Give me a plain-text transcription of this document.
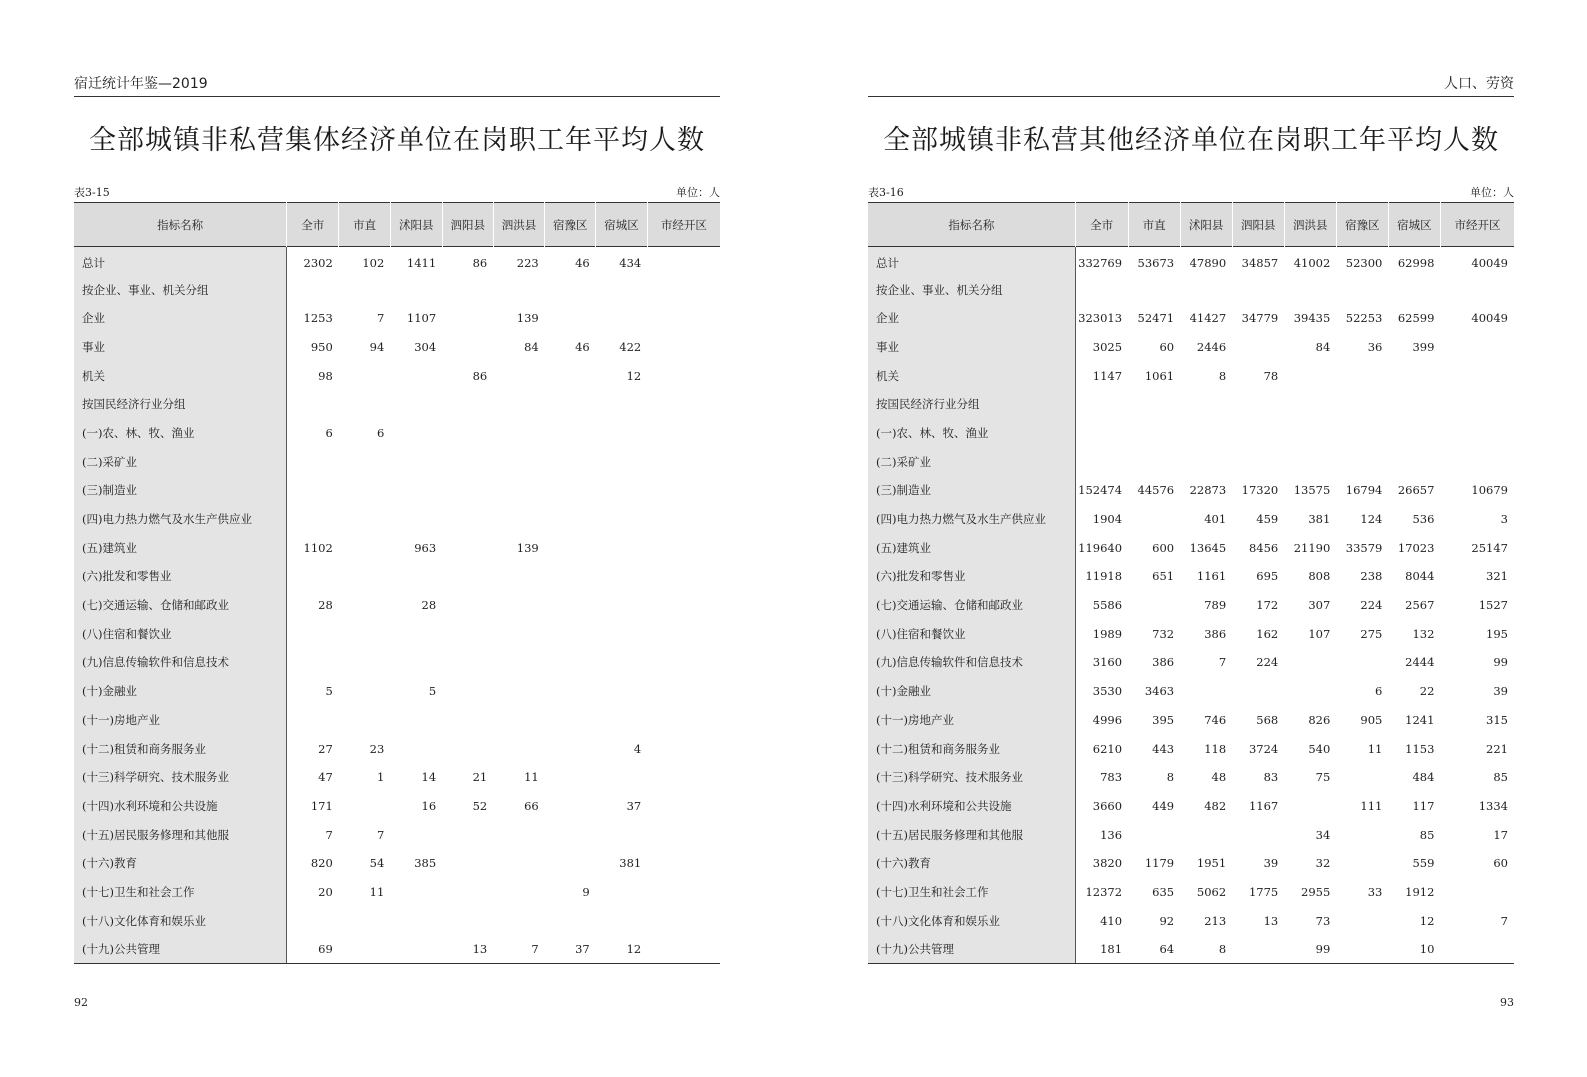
宿迁统计年鉴—2019
全部城镇非私营集体经济单位在岗职工年平均人数
表3-15	单位：人
指标名称	全市	市直	沭阳县	泗阳县	泗洪县	宿豫区	宿城区	市经开区
总计	2302	102	1411	86	223	46	434	
按企业、事业、机关分组								
企业	1253	7	1107		139			
事业	950	94	304		84	46	422	
机关	98			86			12	
按国民经济行业分组								
(一)农、林、牧、渔业	6	6						
(二)采矿业								
(三)制造业								
(四)电力热力燃气及水生产供应业								
(五)建筑业	1102		963		139			
(六)批发和零售业								
(七)交通运输、仓储和邮政业	28		28					
(八)住宿和餐饮业								
(九)信息传输软件和信息技术								
(十)金融业	5		5					
(十一)房地产业								
(十二)租赁和商务服务业	27	23					4	
(十三)科学研究、技术服务业	47	1	14	21	11			
(十四)水利环境和公共设施	171		16	52	66		37	
(十五)居民服务修理和其他服	7	7						
(十六)教育	820	54	385				381	
(十七)卫生和社会工作	20	11				9		
(十八)文化体育和娱乐业								
(十九)公共管理	69			13	7	37	12	
92
人口、劳资
全部城镇非私营其他经济单位在岗职工年平均人数
表3-16	单位：人
指标名称	全市	市直	沭阳县	泗阳县	泗洪县	宿豫区	宿城区	市经开区
总计	332769	53673	47890	34857	41002	52300	62998	40049
按企业、事业、机关分组								
企业	323013	52471	41427	34779	39435	52253	62599	40049
事业	3025	60	2446		84	36	399	
机关	1147	1061	8	78				
按国民经济行业分组								
(一)农、林、牧、渔业								
(二)采矿业								
(三)制造业	152474	44576	22873	17320	13575	16794	26657	10679
(四)电力热力燃气及水生产供应业	1904		401	459	381	124	536	3
(五)建筑业	119640	600	13645	8456	21190	33579	17023	25147
(六)批发和零售业	11918	651	1161	695	808	238	8044	321
(七)交通运输、仓储和邮政业	5586		789	172	307	224	2567	1527
(八)住宿和餐饮业	1989	732	386	162	107	275	132	195
(九)信息传输软件和信息技术	3160	386	7	224			2444	99
(十)金融业	3530	3463				6	22	39
(十一)房地产业	4996	395	746	568	826	905	1241	315
(十二)租赁和商务服务业	6210	443	118	3724	540	11	1153	221
(十三)科学研究、技术服务业	783	8	48	83	75		484	85
(十四)水利环境和公共设施	3660	449	482	1167		111	117	1334
(十五)居民服务修理和其他服	136				34		85	17
(十六)教育	3820	1179	1951	39	32		559	60
(十七)卫生和社会工作	12372	635	5062	1775	2955	33	1912	
(十八)文化体育和娱乐业	410	92	213	13	73		12	7
(十九)公共管理	181	64	8		99		10	
93
